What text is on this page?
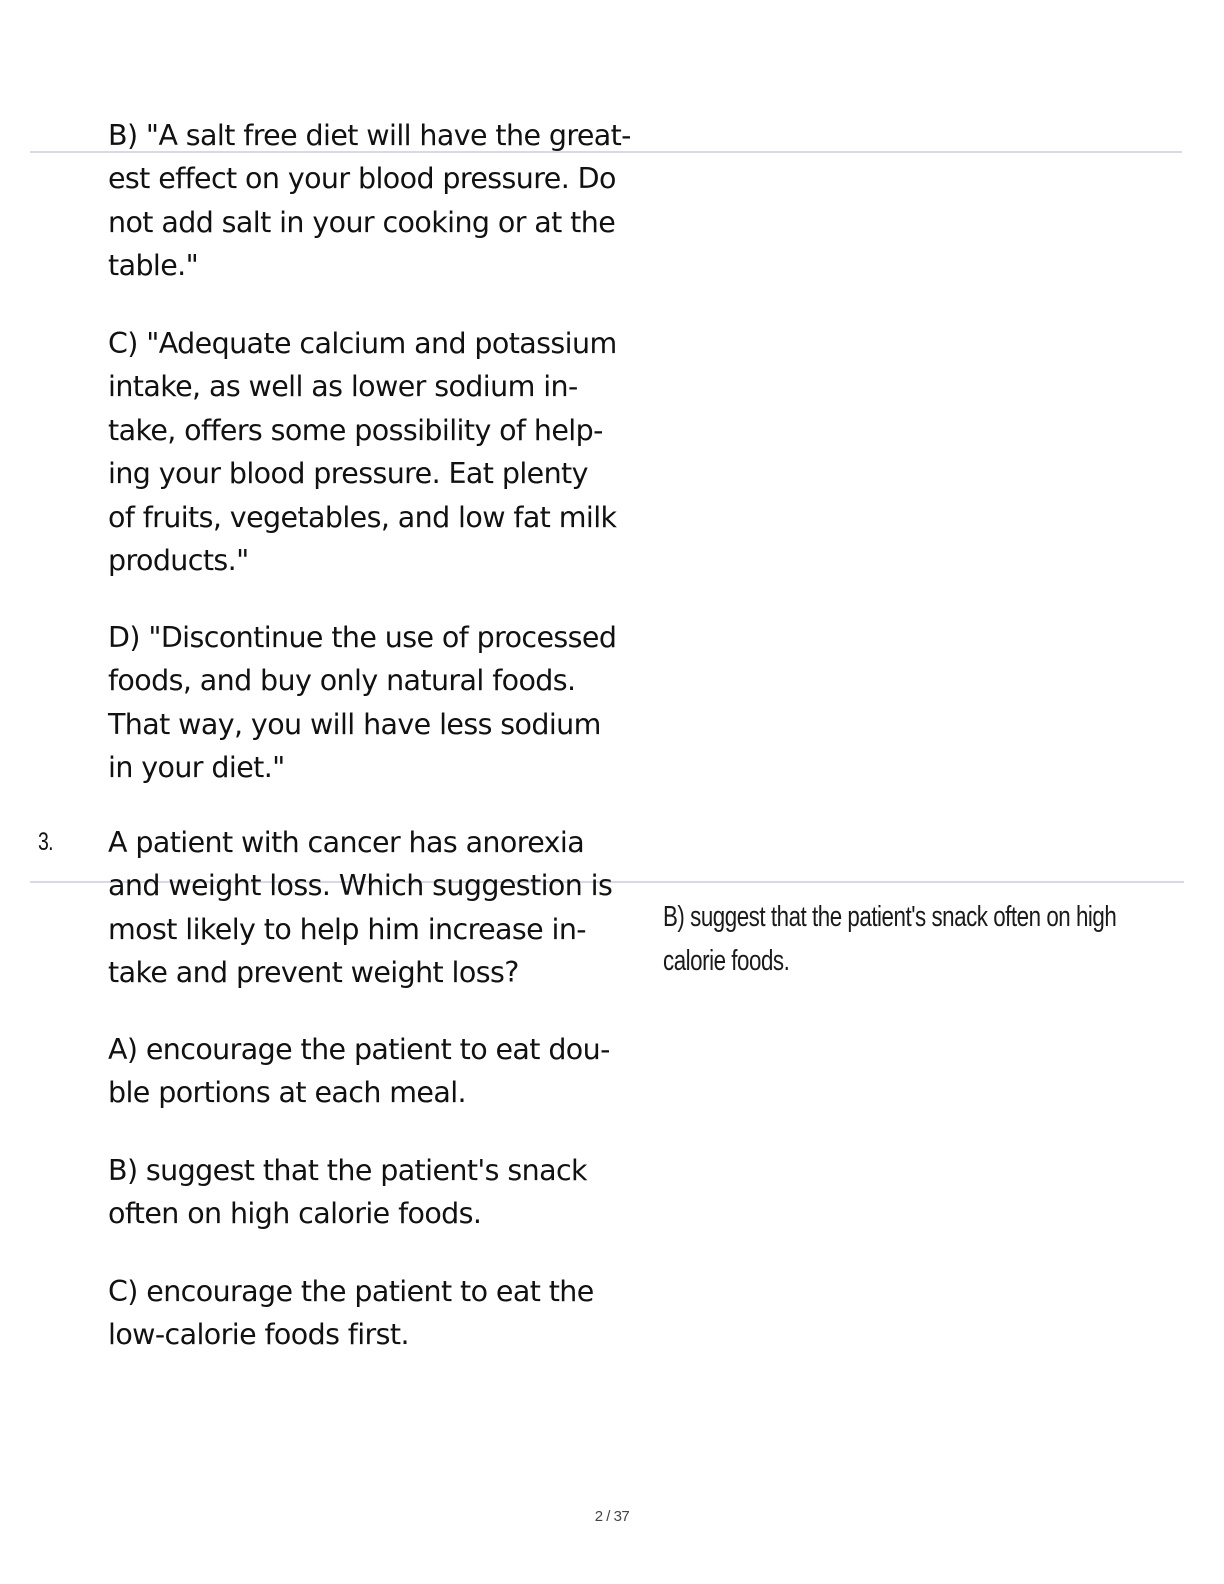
B) "A salt free diet will have the great-
est effect on your blood pressure. Do
not add salt in your cooking or at the
table."

C) "Adequate calcium and potassium
intake, as well as lower sodium in-
take, offers some possibility of help-
ing your blood pressure. Eat plenty
of fruits, vegetables, and low fat milk
products."

D) "Discontinue the use of processed
foods, and buy only natural foods.
That way, you will have less sodium
in your diet."

3. A patient with cancer has anorexia
and weight loss. Which suggestion is
most likely to help him increase in-
take and prevent weight loss?

B) suggest that the patient's snack often on high
calorie foods.

A) encourage the patient to eat dou-
ble portions at each meal.

B) suggest that the patient's snack
often on high calorie foods.

C) encourage the patient to eat the
low-calorie foods first.

2 / 37
